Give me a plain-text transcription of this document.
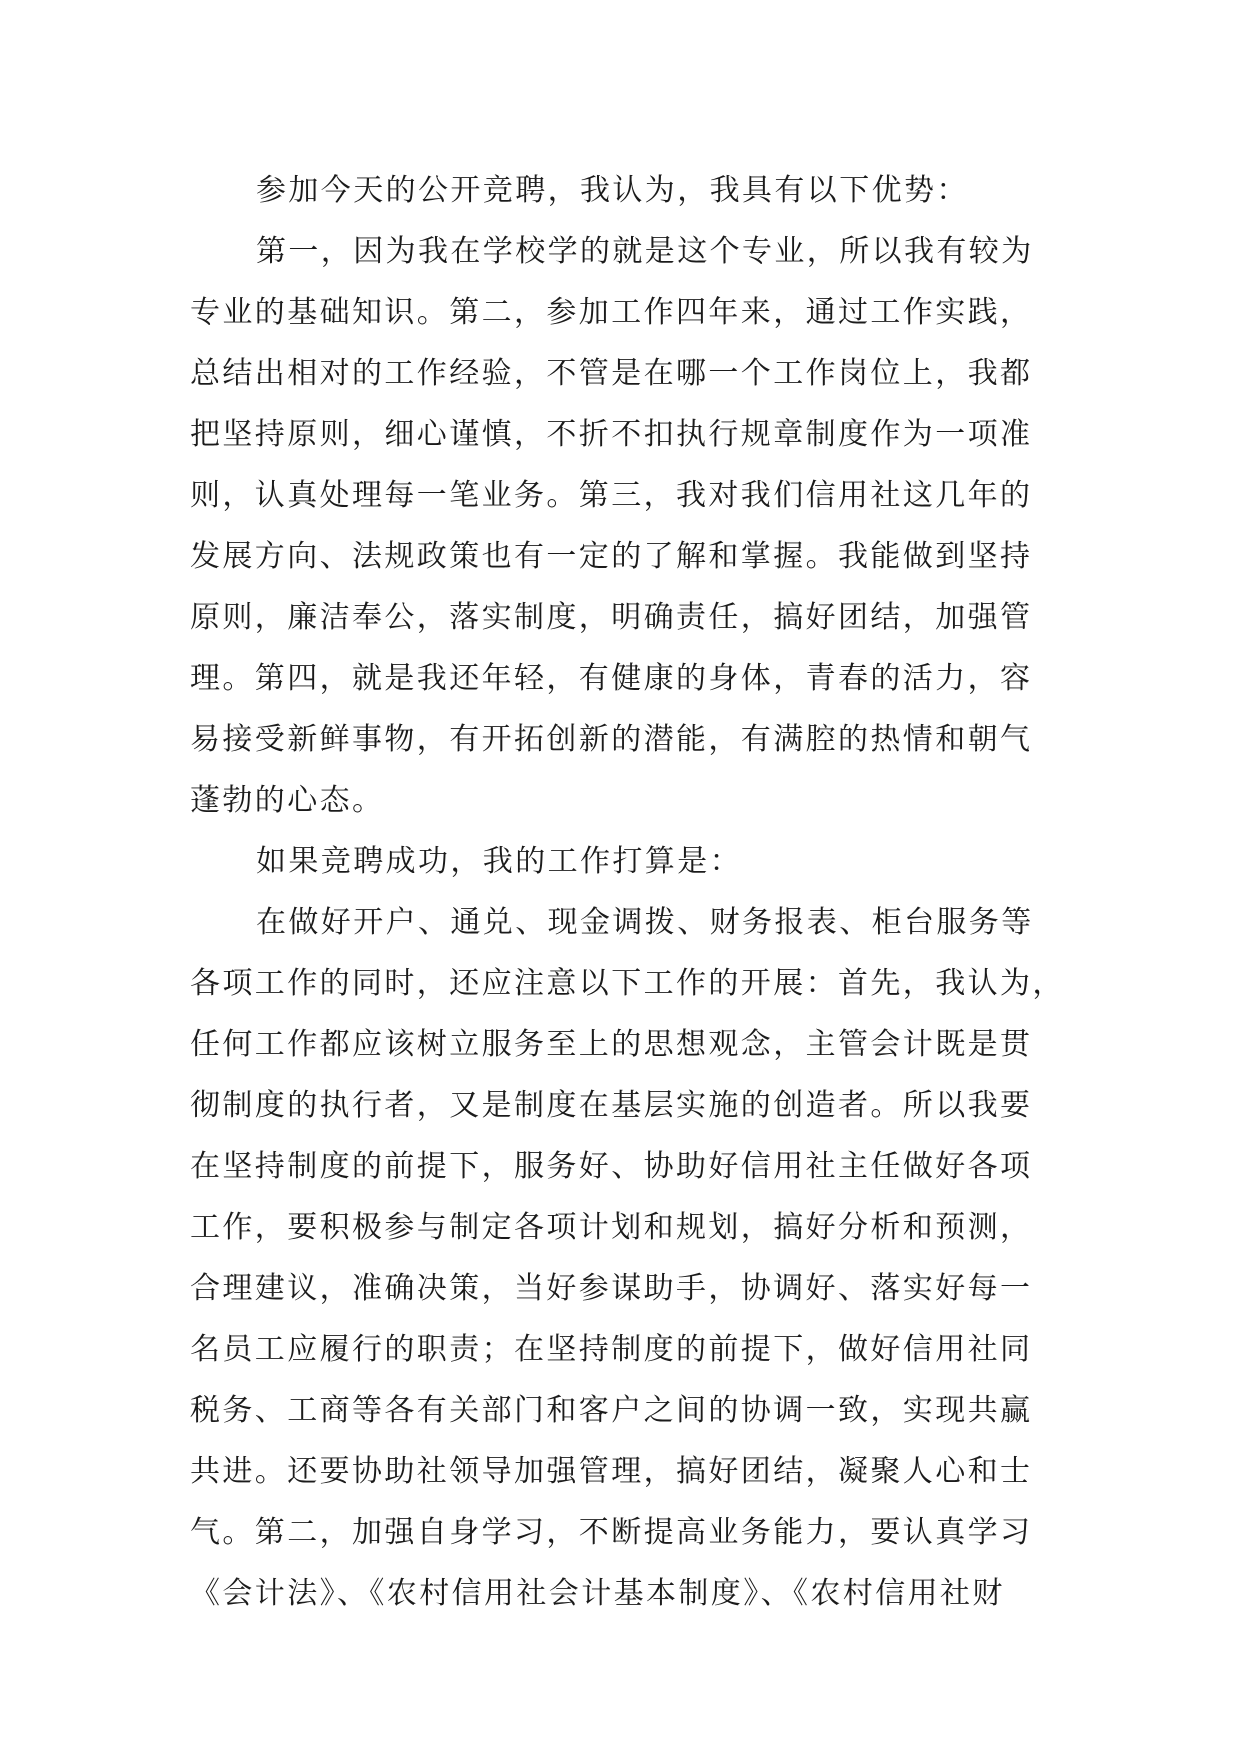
参加今天的公开竞聘，我认为，我具有以下优势：
第一，因为我在学校学的就是这个专业，所以我有较为
专业的基础知识。第二，参加工作四年来，通过工作实践，
总结出相对的工作经验，不管是在哪一个工作岗位上，我都
把坚持原则，细心谨慎，不折不扣执行规章制度作为一项准
则，认真处理每一笔业务。第三，我对我们信用社这几年的
发展方向、法规政策也有一定的了解和掌握。我能做到坚持
原则，廉洁奉公，落实制度，明确责任，搞好团结，加强管
理。第四，就是我还年轻，有健康的身体，青春的活力，容
易接受新鲜事物，有开拓创新的潜能，有满腔的热情和朝气
蓬勃的心态。
如果竞聘成功，我的工作打算是：
在做好开户、通兑、现金调拨、财务报表、柜台服务等
各项工作的同时，还应注意以下工作的开展：首先，我认为，
任何工作都应该树立服务至上的思想观念，主管会计既是贯
彻制度的执行者，又是制度在基层实施的创造者。所以我要
在坚持制度的前提下，服务好、协助好信用社主任做好各项
工作，要积极参与制定各项计划和规划，搞好分析和预测，
合理建议，准确决策，当好参谋助手，协调好、落实好每一
名员工应履行的职责；在坚持制度的前提下，做好信用社同
税务、工商等各有关部门和客户之间的协调一致，实现共赢
共进。还要协助社领导加强管理，搞好团结，凝聚人心和士
气。第二，加强自身学习，不断提高业务能力，要认真学习
《会计法》、《农村信用社会计基本制度》、《农村信用社财
